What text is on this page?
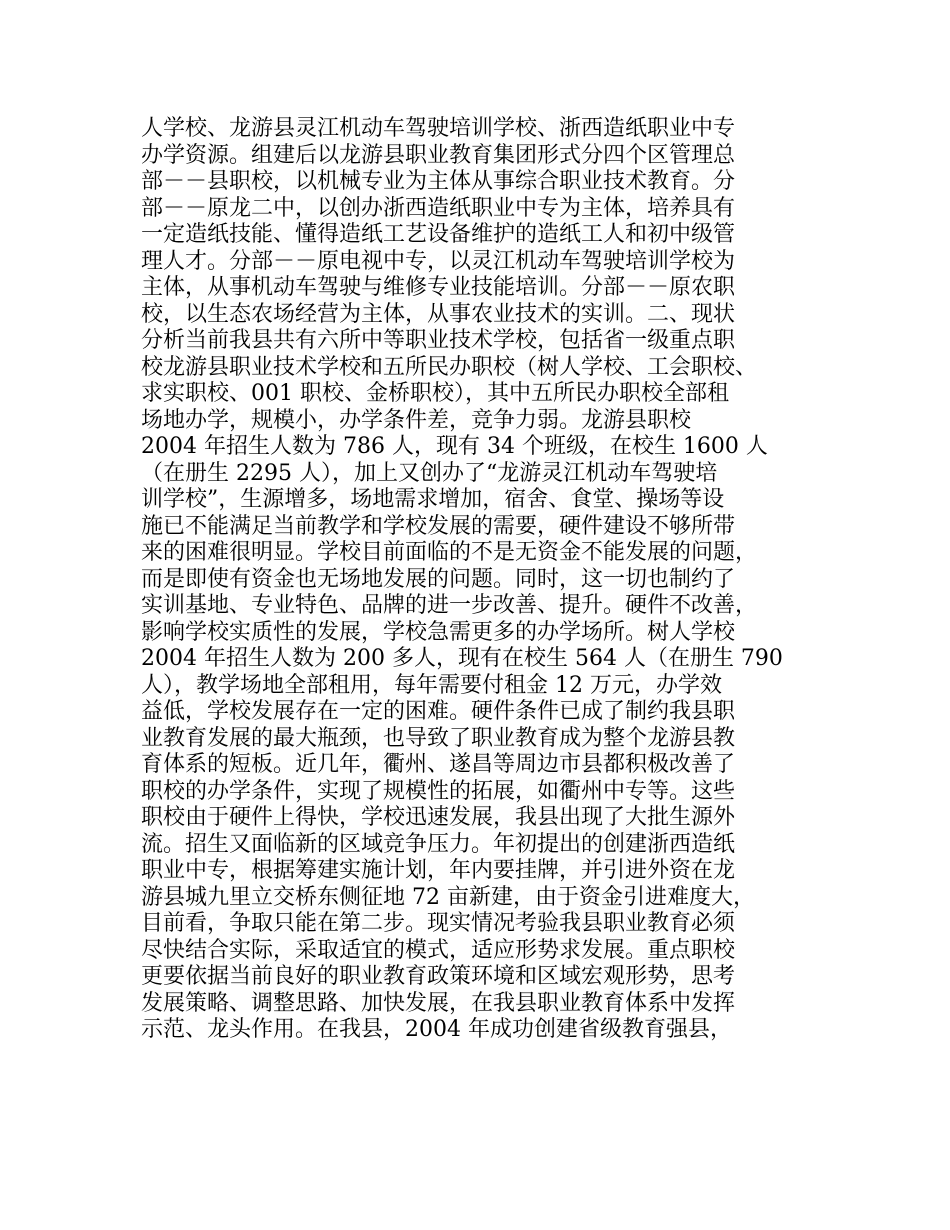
人学校、龙游县灵江机动车驾驶培训学校、浙西造纸职业中专
办学资源。组建后以龙游县职业教育集团形式分四个区管理总
部－－县职校，以机械专业为主体从事综合职业技术教育。分
部－－原龙二中，以创办浙西造纸职业中专为主体，培养具有
一定造纸技能、懂得造纸工艺设备维护的造纸工人和初中级管
理人才。分部－－原电视中专，以灵江机动车驾驶培训学校为
主体，从事机动车驾驶与维修专业技能培训。分部－－原农职
校，以生态农场经营为主体，从事农业技术的实训。二、现状
分析当前我县共有六所中等职业技术学校，包括省一级重点职
校龙游县职业技术学校和五所民办职校（树人学校、工会职校、
求实职校、001 职校、金桥职校），其中五所民办职校全部租
场地办学，规模小，办学条件差，竞争力弱。龙游县职校
2004 年招生人数为 786 人，现有 34 个班级，在校生 1600 人
（在册生 2295 人），加上又创办了“龙游灵江机动车驾驶培
训学校”，生源增多，场地需求增加，宿舍、食堂、操场等设
施已不能满足当前教学和学校发展的需要，硬件建设不够所带
来的困难很明显。学校目前面临的不是无资金不能发展的问题，
而是即使有资金也无场地发展的问题。同时，这一切也制约了
实训基地、专业特色、品牌的进一步改善、提升。硬件不改善，
影响学校实质性的发展，学校急需更多的办学场所。树人学校
2004 年招生人数为 200 多人，现有在校生 564 人（在册生 790
人），教学场地全部租用，每年需要付租金 12 万元，办学效
益低，学校发展存在一定的困难。硬件条件已成了制约我县职
业教育发展的最大瓶颈，也导致了职业教育成为整个龙游县教
育体系的短板。近几年，衢州、遂昌等周边市县都积极改善了
职校的办学条件，实现了规模性的拓展，如衢州中专等。这些
职校由于硬件上得快，学校迅速发展，我县出现了大批生源外
流。招生又面临新的区域竞争压力。年初提出的创建浙西造纸
职业中专，根据筹建实施计划，年内要挂牌，并引进外资在龙
游县城九里立交桥东侧征地 72 亩新建，由于资金引进难度大，
目前看，争取只能在第二步。现实情况考验我县职业教育必须
尽快结合实际，采取适宜的模式，适应形势求发展。重点职校
更要依据当前良好的职业教育政策环境和区域宏观形势，思考
发展策略、调整思路、加快发展，在我县职业教育体系中发挥
示范、龙头作用。在我县，2004 年成功创建省级教育强县，
